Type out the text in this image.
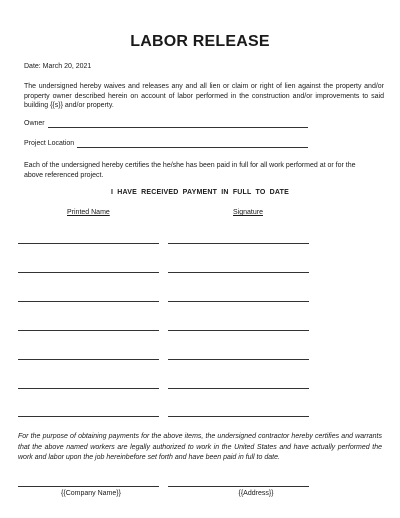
LABOR RELEASE
Date: March 20, 2021
The undersigned hereby waives and releases any and all lien or claim or right of lien against the property and/or property owner described herein on account of labor performed in the construction and/or improvements to said building {{s}} and/or property.
Owner
Project Location
Each of the undersigned hereby certifies the he/she has been paid in full for all work performed at or for the above referenced project.
I HAVE RECEIVED PAYMENT IN FULL TO DATE
Printed Name	Signature
For the purpose of obtaining payments for the above items, the undersigned contractor hereby certifies and warrants that the above named workers are legally authorized to work in the United States and have actually performed the work and labor upon the job hereinbefore set forth and have been paid in full to date.
{{Company Name}}	{{Address}}
